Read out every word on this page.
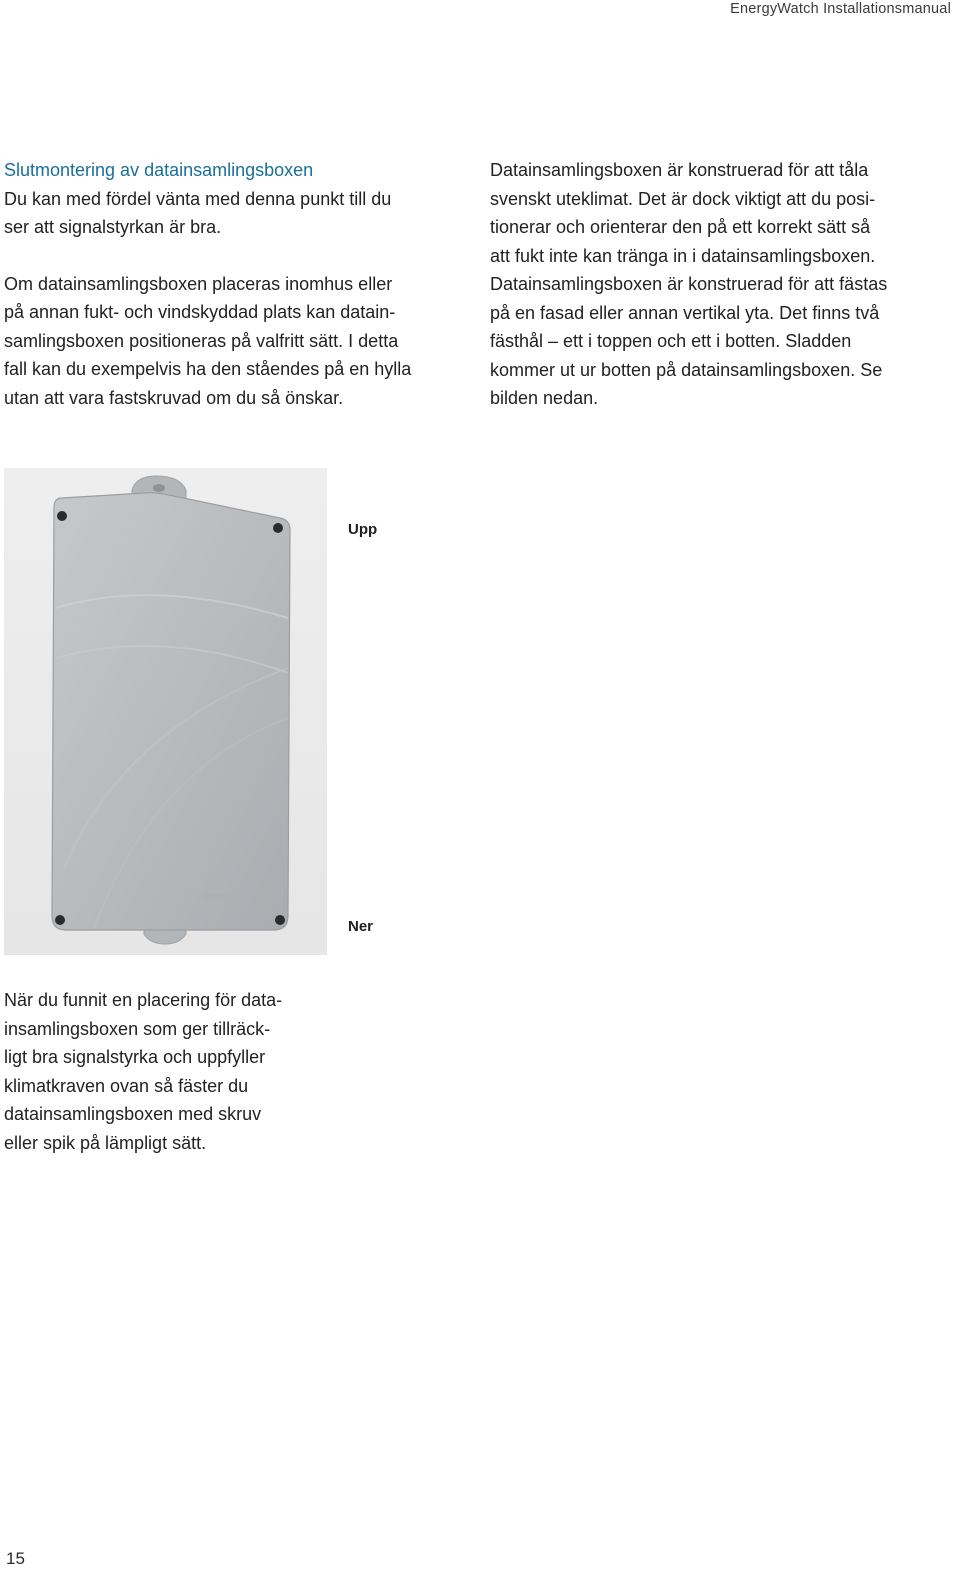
EnergyWatch Installationsmanual

Slutmontering av datainsamlingsboxen

Du kan med fördel vänta med denna punkt till du

ser att signalstyrkan är bra.

Om datainsamlingsboxen placeras inomhus eller

på annan fukt- och vindskyddad plats kan datain-

samlingsboxen positioneras på valfritt sätt. I detta

fall kan du exempelvis ha den ståendes på en hylla

utan att vara fastskruvad om du så önskar.

Datainsamlingsboxen är konstruerad för att tåla

svenskt uteklimat. Det är dock viktigt att du posi-

tionerar och orienterar den på ett korrekt sätt så

att fukt inte kan tränga in i datainsamlingsboxen.

Datainsamlingsboxen är konstruerad för att fästas

på en fasad eller annan vertikal yta. Det finns två

fästhål – ett i toppen och ett i botten. Sladden

kommer ut ur botten på datainsamlingsboxen. Se

bilden nedan.

Upp
Ner

När du funnit en placering för data-

insamlingsboxen som ger tillräck-

ligt bra signalstyrka och uppfyller

klimatkraven ovan så fäster du

datainsamlingsboxen med skruv

eller spik på lämpligt sätt.

15
